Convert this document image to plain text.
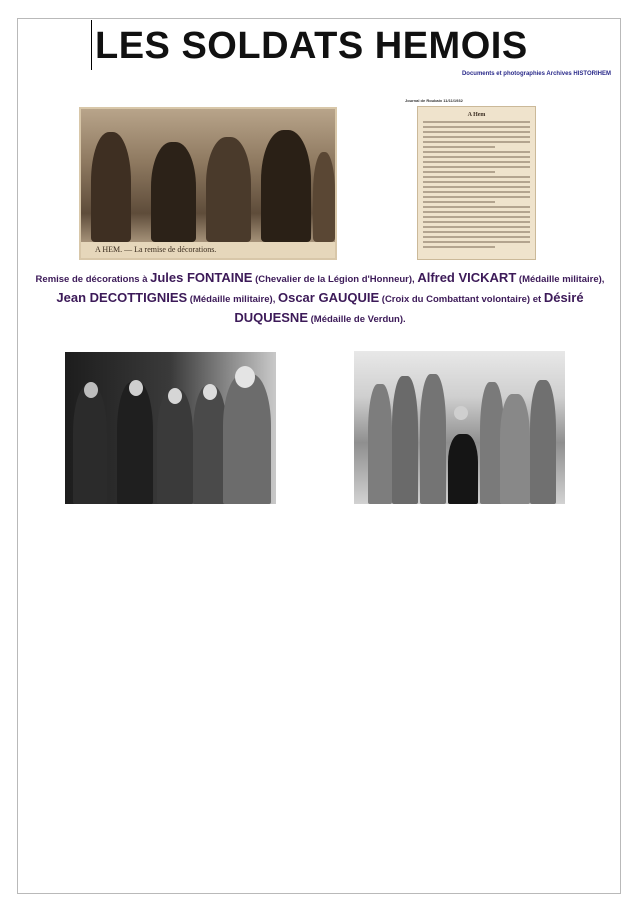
LES SOLDATS HEMOIS
Documents et photographies Archives HISTORIHEM
A HEM. — La remise de décorations.
Journal de Roubaix 11/11/1932
A Hem
Remise de décorations à Jules FONTAINE (Chevalier de la Légion d'Honneur), Alfred VICKART (Médaille militaire), Jean DECOTTIGNIES (Médaille militaire), Oscar GAUQUIE (Croix du Combattant volontaire) et Désiré DUQUESNE (Médaille de Verdun).
